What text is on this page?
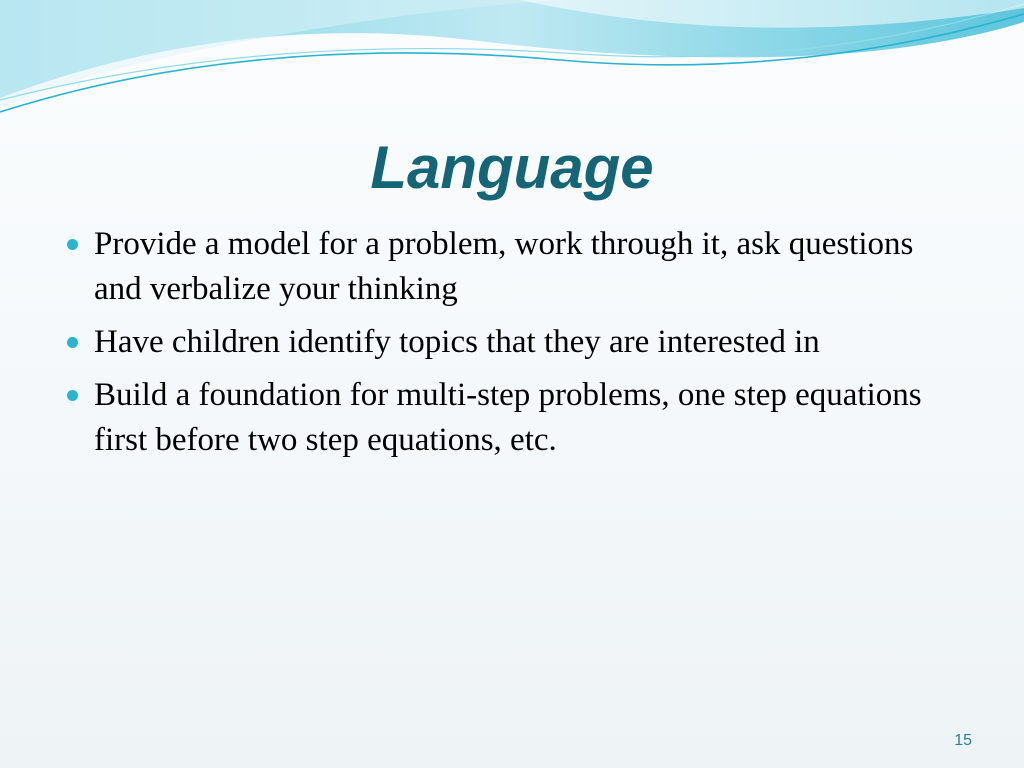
Language
Provide a model for a problem, work through it, ask questions and verbalize your thinking
Have children identify topics that they are interested in
Build a foundation for multi-step problems, one step equations first before two step equations, etc.
15
